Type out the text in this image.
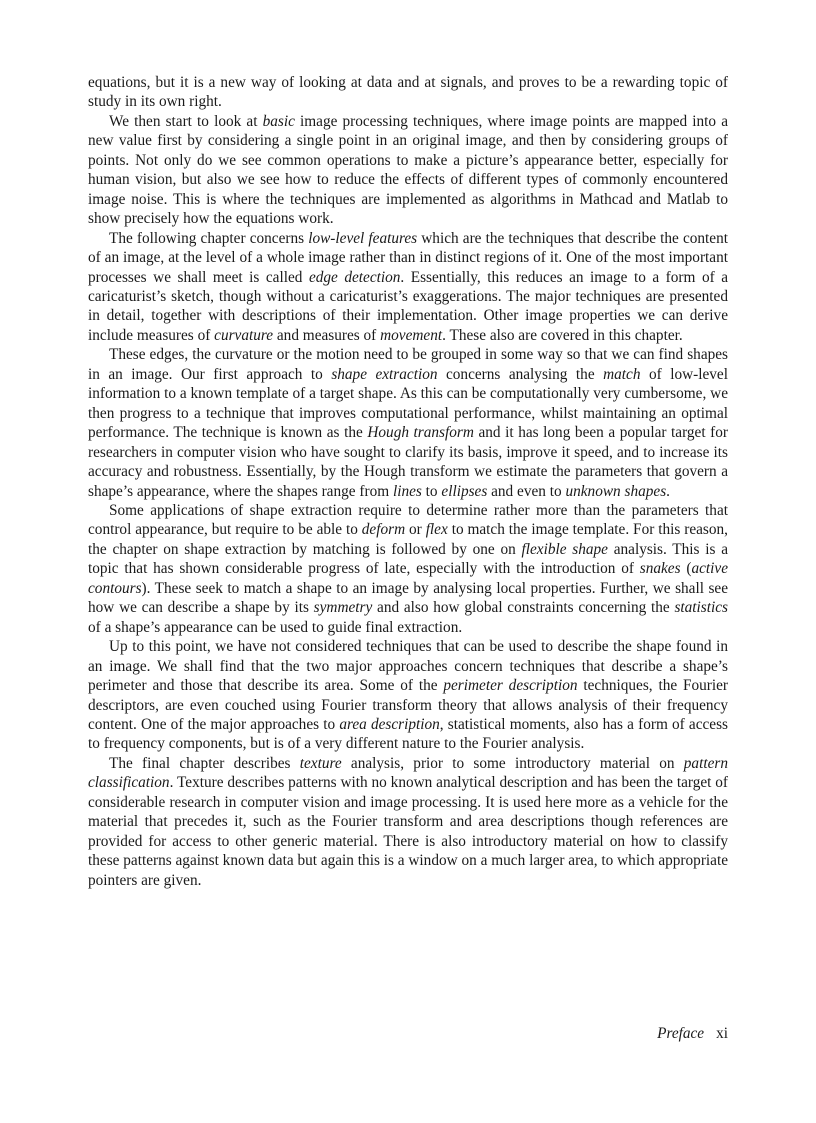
equations, but it is a new way of looking at data and at signals, and proves to be a rewarding topic of study in its own right.

We then start to look at basic image processing techniques, where image points are mapped into a new value first by considering a single point in an original image, and then by considering groups of points. Not only do we see common operations to make a picture’s appearance better, especially for human vision, but also we see how to reduce the effects of different types of commonly encountered image noise. This is where the techniques are implemented as algorithms in Mathcad and Matlab to show precisely how the equations work.

The following chapter concerns low-level features which are the techniques that describe the content of an image, at the level of a whole image rather than in distinct regions of it. One of the most important processes we shall meet is called edge detection. Essentially, this reduces an image to a form of a caricaturist’s sketch, though without a caricaturist’s exaggerations. The major techniques are presented in detail, together with descriptions of their implementation. Other image properties we can derive include measures of curvature and measures of movement. These also are covered in this chapter.

These edges, the curvature or the motion need to be grouped in some way so that we can find shapes in an image. Our first approach to shape extraction concerns analysing the match of low-level information to a known template of a target shape. As this can be computationally very cumbersome, we then progress to a technique that improves computational performance, whilst maintaining an optimal performance. The technique is known as the Hough transform and it has long been a popular target for researchers in computer vision who have sought to clarify its basis, improve it speed, and to increase its accuracy and robustness. Essentially, by the Hough transform we estimate the parameters that govern a shape’s appearance, where the shapes range from lines to ellipses and even to unknown shapes.

Some applications of shape extraction require to determine rather more than the parameters that control appearance, but require to be able to deform or flex to match the image template. For this reason, the chapter on shape extraction by matching is followed by one on flexible shape analysis. This is a topic that has shown considerable progress of late, especially with the introduction of snakes (active contours). These seek to match a shape to an image by analysing local properties. Further, we shall see how we can describe a shape by its symmetry and also how global constraints concerning the statistics of a shape’s appearance can be used to guide final extraction.

Up to this point, we have not considered techniques that can be used to describe the shape found in an image. We shall find that the two major approaches concern techniques that describe a shape’s perimeter and those that describe its area. Some of the perimeter description techniques, the Fourier descriptors, are even couched using Fourier transform theory that allows analysis of their frequency content. One of the major approaches to area description, statistical moments, also has a form of access to frequency components, but is of a very different nature to the Fourier analysis.

The final chapter describes texture analysis, prior to some introductory material on pattern classification. Texture describes patterns with no known analytical description and has been the target of considerable research in computer vision and image processing. It is used here more as a vehicle for the material that precedes it, such as the Fourier transform and area descriptions though references are provided for access to other generic material. There is also introductory material on how to classify these patterns against known data but again this is a window on a much larger area, to which appropriate pointers are given.

Preface xi
